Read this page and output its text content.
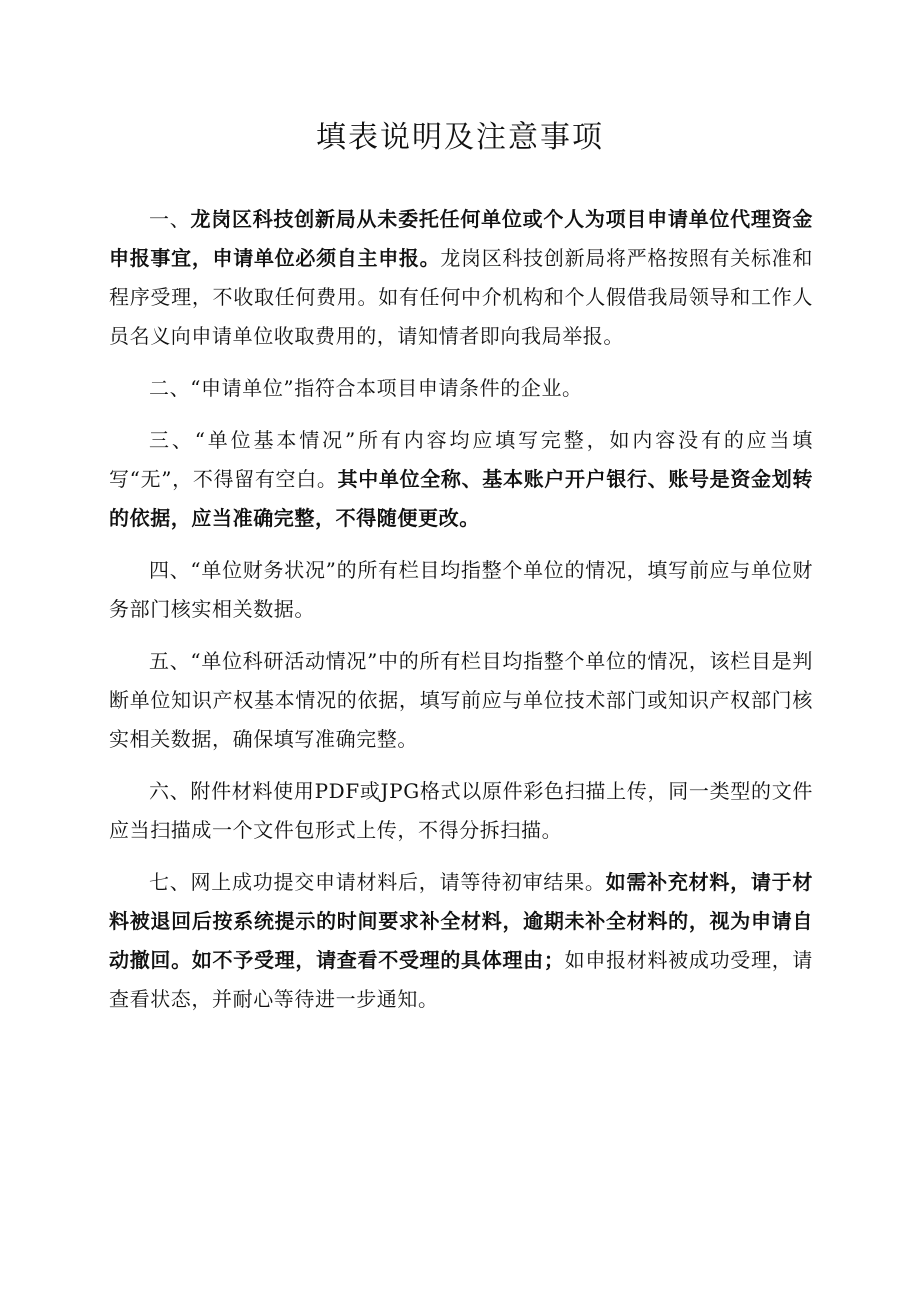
填表说明及注意事项

一、龙岗区科技创新局从未委托任何单位或个人为项目申请单位代理资金申报事宜，申请单位必须自主申报。龙岗区科技创新局将严格按照有关标准和程序受理，不收取任何费用。如有任何中介机构和个人假借我局领导和工作人员名义向申请单位收取费用的，请知情者即向我局举报。

二、“申请单位”指符合本项目申请条件的企业。

三、“单位基本情况”所有内容均应填写完整，如内容没有的应当填写“无”，不得留有空白。其中单位全称、基本账户开户银行、账号是资金划转的依据，应当准确完整，不得随便更改。

四、“单位财务状况”的所有栏目均指整个单位的情况，填写前应与单位财务部门核实相关数据。

五、“单位科研活动情况”中的所有栏目均指整个单位的情况，该栏目是判断单位知识产权基本情况的依据，填写前应与单位技术部门或知识产权部门核实相关数据，确保填写准确完整。

六、附件材料使用PDF或JPG格式以原件彩色扫描上传，同一类型的文件应当扫描成一个文件包形式上传，不得分拆扫描。

七、网上成功提交申请材料后，请等待初审结果。如需补充材料，请于材料被退回后按系统提示的时间要求补全材料，逾期未补全材料的，视为申请自动撤回。如不予受理，请查看不受理的具体理由；如申报材料被成功受理，请查看状态，并耐心等待进一步通知。
